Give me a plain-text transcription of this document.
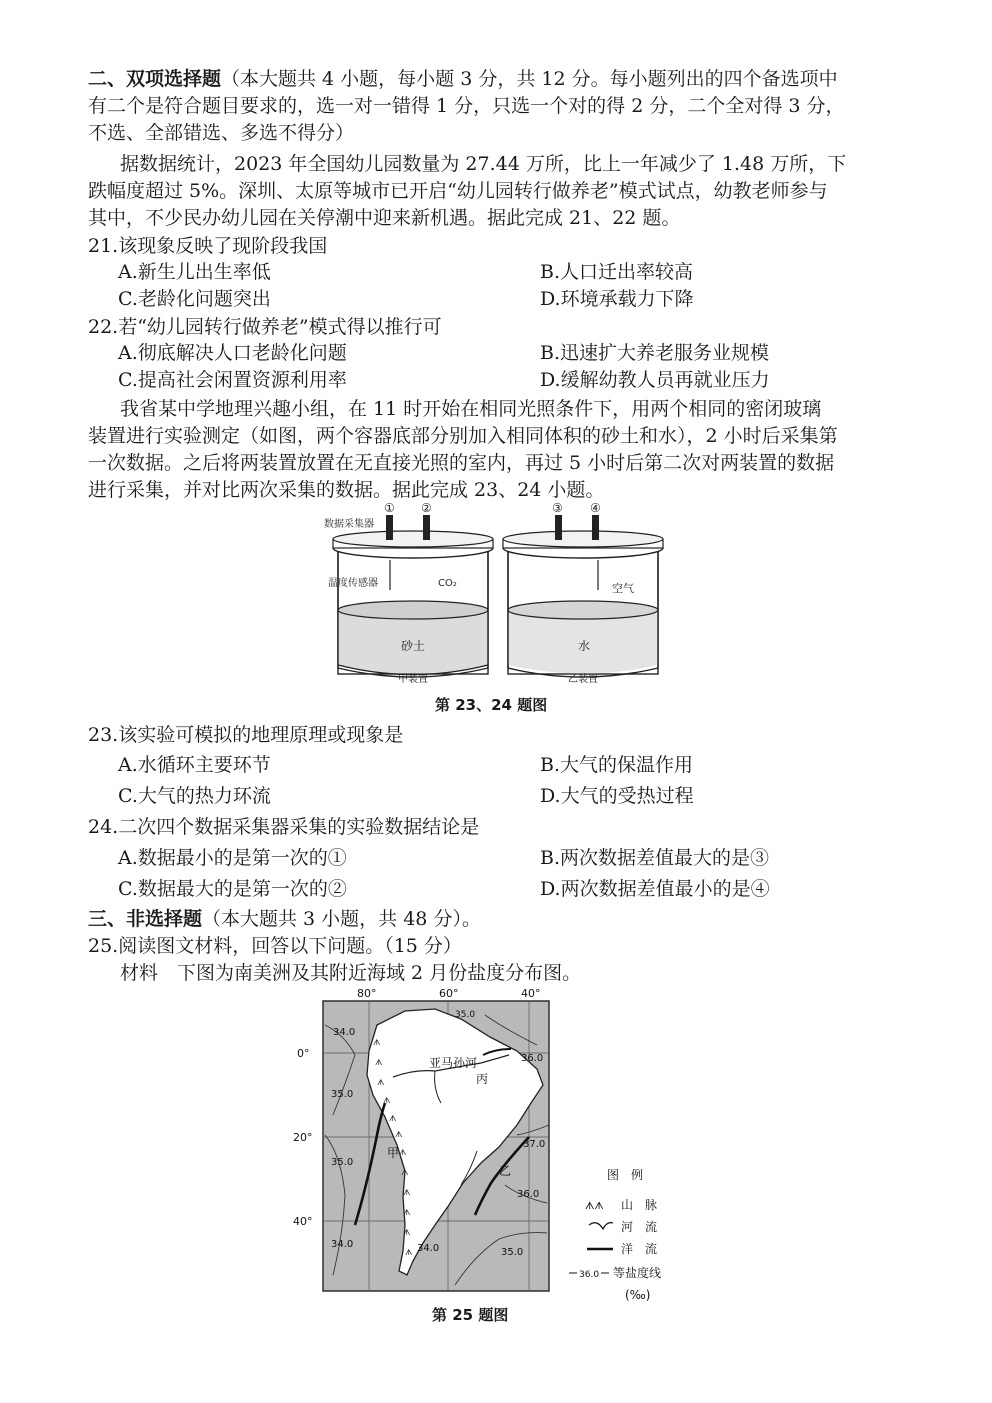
二、双项选择题（本大题共 4 小题，每小题 3 分，共 12 分。每小题列出的四个备选项中
有二个是符合题目要求的，选一对一错得 1 分，只选一个对的得 2 分，二个全对得 3 分，
不选、全部错选、多选不得分）
据数据统计，2023 年全国幼儿园数量为 27.44 万所，比上一年减少了 1.48 万所，下
跌幅度超过 5%。深圳、太原等城市已开启“幼儿园转行做养老”模式试点，幼教老师参与
其中，不少民办幼儿园在关停潮中迎来新机遇。据此完成 21、22 题。
21.该现象反映了现阶段我国
A.新生儿出生率低	B.人口迁出率较高
C.老龄化问题突出	D.环境承载力下降
22.若“幼儿园转行做养老”模式得以推行可
A.彻底解决人口老龄化问题	B.迅速扩大养老服务业规模
C.提高社会闲置资源利用率	D.缓解幼教人员再就业压力
我省某中学地理兴趣小组，在 11 时开始在相同光照条件下，用两个相同的密闭玻璃
装置进行实验测定（如图，两个容器底部分别加入相同体积的砂土和水），2 小时后采集第
一次数据。之后将两装置放置在无直接光照的室内，再过 5 小时后第二次对两装置的数据
进行采集，并对比两次采集的数据。据此完成 23、24 小题。
数据采集器
① ②	③ ④
温度传感器	CO₂	空气
砂土	水
甲装置	乙装置
第 23、24 题图
23.该实验可模拟的地理原理或现象是
A.水循环主要环节	B.大气的保温作用
C.大气的热力环流	D.大气的受热过程
24.二次四个数据采集器采集的实验数据结论是
A.数据最小的是第一次的①	B.两次数据差值最大的是③
C.数据最大的是第一次的②	D.两次数据差值最小的是④
三、非选择题（本大题共 3 小题，共 48 分）。
25.阅读图文材料，回答以下问题。（15 分）
材料　下图为南美洲及其附近海域 2 月份盐度分布图。
ᗑ
ᗑ
ᗑ
ᗑ
ᗑ
ᗑ
ᗑ
ᗑ
ᗑ
ᗑ
ᗑ
ᗑ
34.0
35.0
36.0
35.0
37.0
35.0
36.0
34.0	34.0	35.0
亚马孙河
丙
甲
乙
80°	60°	40°
0°
20°
40°
图　例
ᗑᗑ 山　脉
河　流
洋　流
36.0 等盐度线
(‰)
第 25 题图
